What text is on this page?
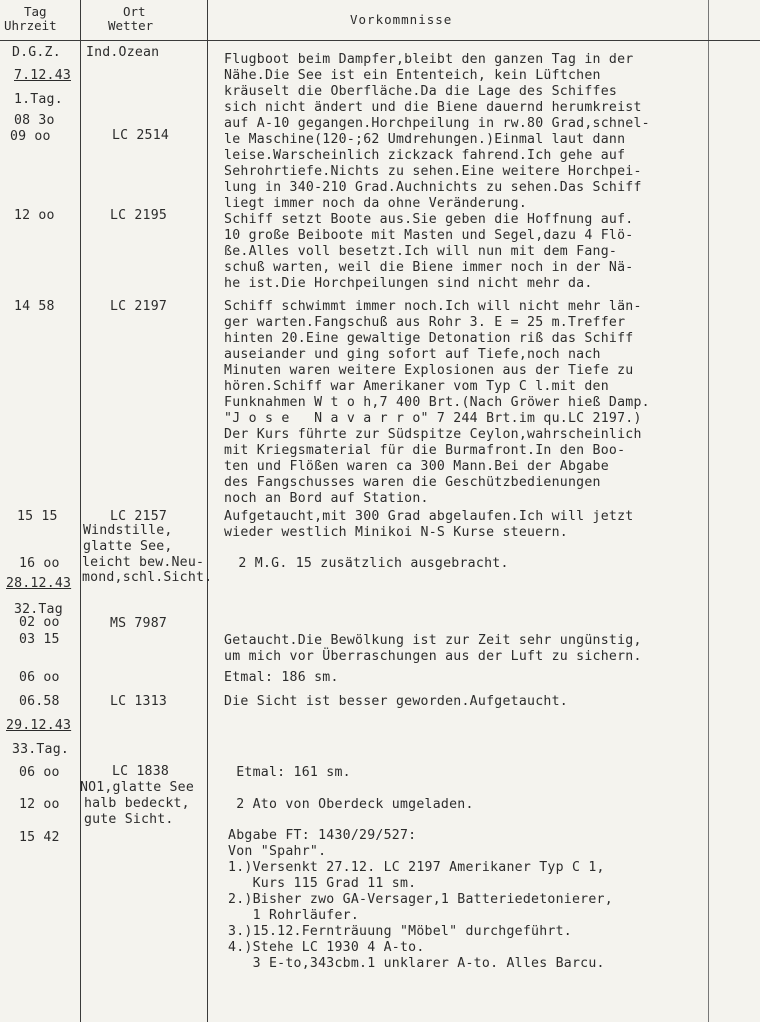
Tag
Uhrzeit
Ort
Wetter	Vorkommnisse
D.G.Z.
7.12.43
1.Tag.
08 3o
09 oo
12 oo
14 58
15 15
16 oo
28.12.43
32.Tag
02 oo
03 15
06 oo
06.58
29.12.43
33.Tag.
06 oo
12 oo
15 42
Ind.Ozean
LC 2514
LC 2195
LC 2197
LC 2157
Windstille,
glatte See,
leicht bew.Neu-
mond,schl.Sicht.
MS 7987
LC 1313
LC 1838
NO1,glatte See
halb bedeckt,
gute Sicht.
Flugboot beim Dampfer,bleibt den ganzen Tag in der
Nähe.Die See ist ein Ententeich, kein Lüftchen
kräuselt die Oberfläche.Da die Lage des Schiffes
sich nicht ändert und die Biene dauernd herumkreist
auf A-10 gegangen.Horchpeilung in rw.80 Grad,schnel-
le Maschine(120-;62 Umdrehungen.)Einmal laut dann
leise.Warscheinlich zickzack fahrend.Ich gehe auf
Sehrohrtiefe.Nichts zu sehen.Eine weitere Horchpei-
lung in 340-210 Grad.Auchnichts zu sehen.Das Schiff
liegt immer noch da ohne Veränderung.
Schiff setzt Boote aus.Sie geben die Hoffnung auf.
10 große Beiboote mit Masten und Segel,dazu 4 Flö-
ße.Alles voll besetzt.Ich will nun mit dem Fang-
schuß warten, weil die Biene immer noch in der Nä-
he ist.Die Horchpeilungen sind nicht mehr da.
Schiff schwimmt immer noch.Ich will nicht mehr län-
ger warten.Fangschuß aus Rohr 3. E = 25 m.Treffer
hinten 20.Eine gewaltige Detonation riß das Schiff
auseiander und ging sofort auf Tiefe,noch nach
Minuten waren weitere Explosionen aus der Tiefe zu
hören.Schiff war Amerikaner vom Typ C l.mit den
Funknahmen W t o h,7 400 Brt.(Nach Gröwer hieß Damp.
"J o s e   N a v a r r o" 7 244 Brt.im qu.LC 2197.)
Der Kurs führte zur Südspitze Ceylon,wahrscheinlich
mit Kriegsmaterial für die Burmafront.In den Boo-
ten und Flößen waren ca 300 Mann.Bei der Abgabe
des Fangschusses waren die Geschützbedienungen
noch an Bord auf Station.
Aufgetaucht,mit 300 Grad abgelaufen.Ich will jetzt
wieder westlich Minikoi N-S Kurse steuern.
2 M.G. 15 zusätzlich ausgebracht.
Getaucht.Die Bewölkung ist zur Zeit sehr ungünstig,
um mich vor Überraschungen aus der Luft zu sichern.
Etmal: 186 sm.
Die Sicht ist besser geworden.Aufgetaucht.
Etmal: 161 sm.
2 Ato von Oberdeck umgeladen.
Abgabe FT: 1430/29/527:
Von "Spahr".
1.)Versenkt 27.12. LC 2197 Amerikaner Typ C 1,
Kurs 115 Grad 11 sm.
2.)Bisher zwo GA-Versager,1 Batteriedetonierer,
1 Rohrläufer.
3.)15.12.Fernträuung "Möbel" durchgeführt.
4.)Stehe LC 1930 4 A-to.
3 E-to,343cbm.1 unklarer A-to. Alles Barcu.
